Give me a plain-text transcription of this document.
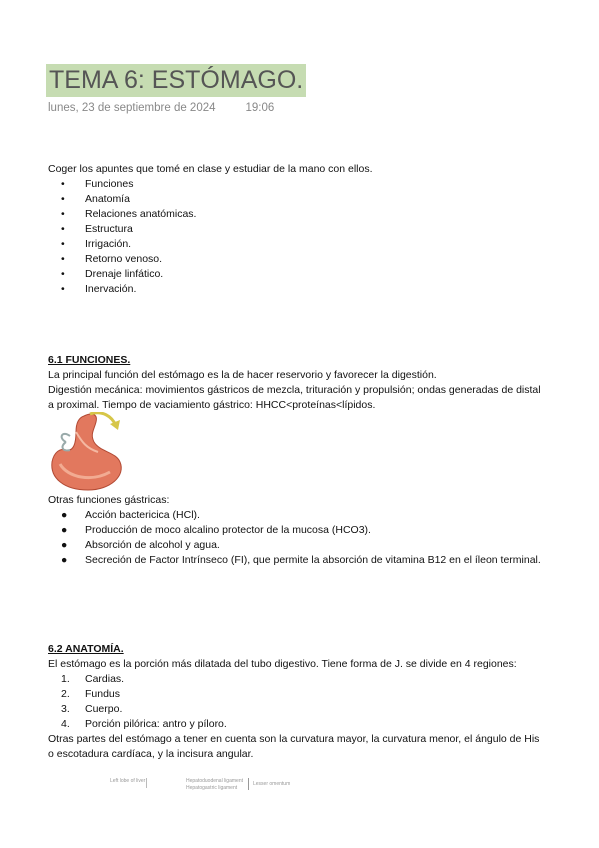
TEMA 6: ESTÓMAGO.
lunes, 23 de septiembre de 2024	19:06

Coger los apuntes que tomé en clase y estudiar de la mano con ellos.

•	Funciones
•	Anatomía
•	Relaciones anatómicas.
•	Estructura
•	Irrigación.
•	Retorno venoso.
•	Drenaje linfático.
•	Inervación.

6.1 FUNCIONES.

La principal función del estómago es la de hacer reservorio y favorecer la digestión.

Digestión mecánica: movimientos gástricos de mezcla, trituración y propulsión; ondas generadas de distal a proximal. Tiempo de vaciamiento gástrico: HHCC<proteínas<lípidos.

Otras funciones gástricas:

●	Acción bactericica (HCl).
●	Producción de moco alcalino protector de la mucosa (HCO3).
●	Absorción de alcohol y agua.
●	Secreción de Factor Intrínseco (FI), que permite la absorción de vitamina B12 en el íleon terminal.

6.2 ANATOMÍA.

El estómago es la porción más dilatada del tubo digestivo. Tiene forma de J. se divide en 4 regiones:

1.	Cardias.
2.	Fundus
3.	Cuerpo.
4.	Porción pilórica: antro y píloro.

Otras partes del estómago a tener en cuenta son la curvatura mayor, la curvatura menor, el ángulo de His o escotadura cardíaca, y la incisura angular.

Left lobe of liver	Hepatoduodenal ligament
Hepatogastric ligament
Lesser omentum
